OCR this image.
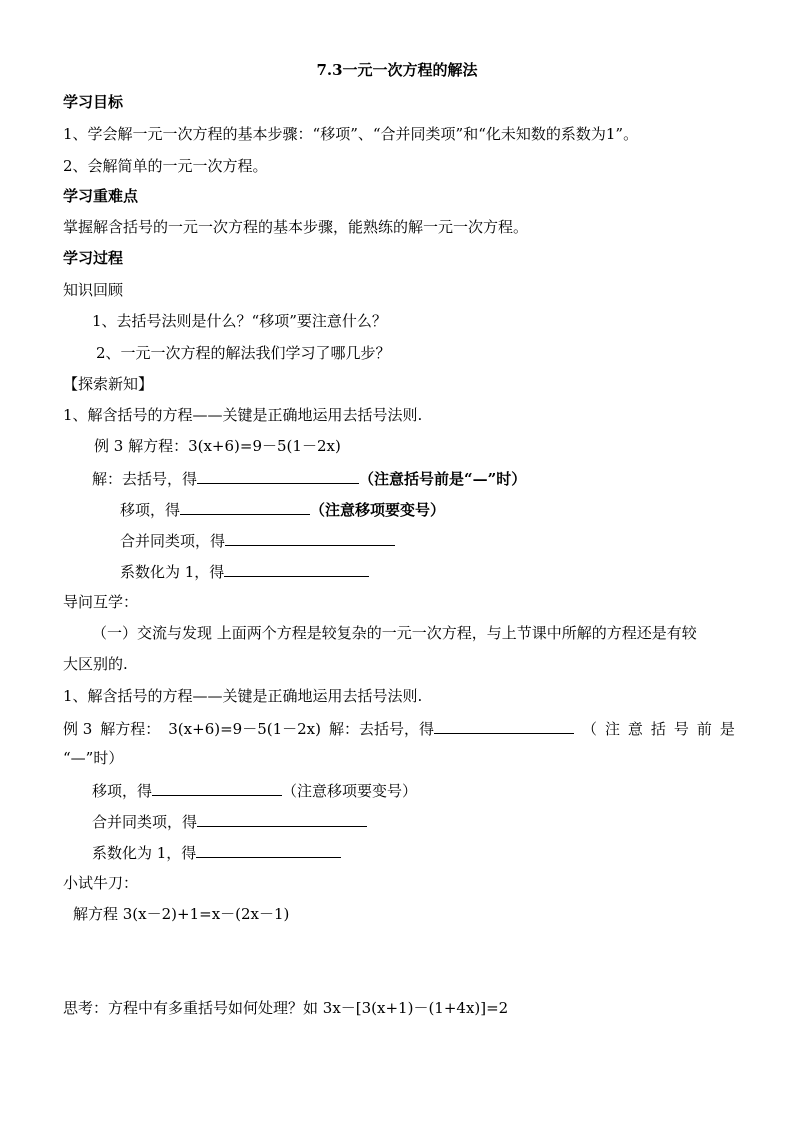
7.3一元一次方程的解法
学习目标
1、学会解一元一次方程的基本步骤：“移项”、“合并同类项”和“化未知数的系数为1”。
2、会解简单的一元一次方程。
学习重难点
掌握解含括号的一元一次方程的基本步骤，能熟练的解一元一次方程。
学习过程
知识回顾
1、去括号法则是什么？“移项”要注意什么？
2、一元一次方程的解法我们学习了哪几步？
【探索新知】
1、解含括号的方程——关键是正确地运用去括号法则.
例 3 解方程：3(x+6)=9－5(1－2x)
解：去括号，得	（注意括号前是“—”时）
移项，得	（注意移项要变号）
合并同类项，得
系数化为 1，得
导问互学：
（一）交流与发现 上面两个方程是较复杂的一元一次方程，与上节课中所解的方程还是有较
大区别的.
1、解含括号的方程——关键是正确地运用去括号法则.
例 3 解方程： 3(x+6)=9－5(1－2x) 解：去括号，得	（ 注 意 括 号 前 是
“—”时）
移项，得	（注意移项要变号）
合并同类项，得
系数化为 1，得
小试牛刀：
解方程 3(x－2)+1=x－(2x－1)
思考：方程中有多重括号如何处理？如 3x－[3(x+1)－(1+4x)]=2
